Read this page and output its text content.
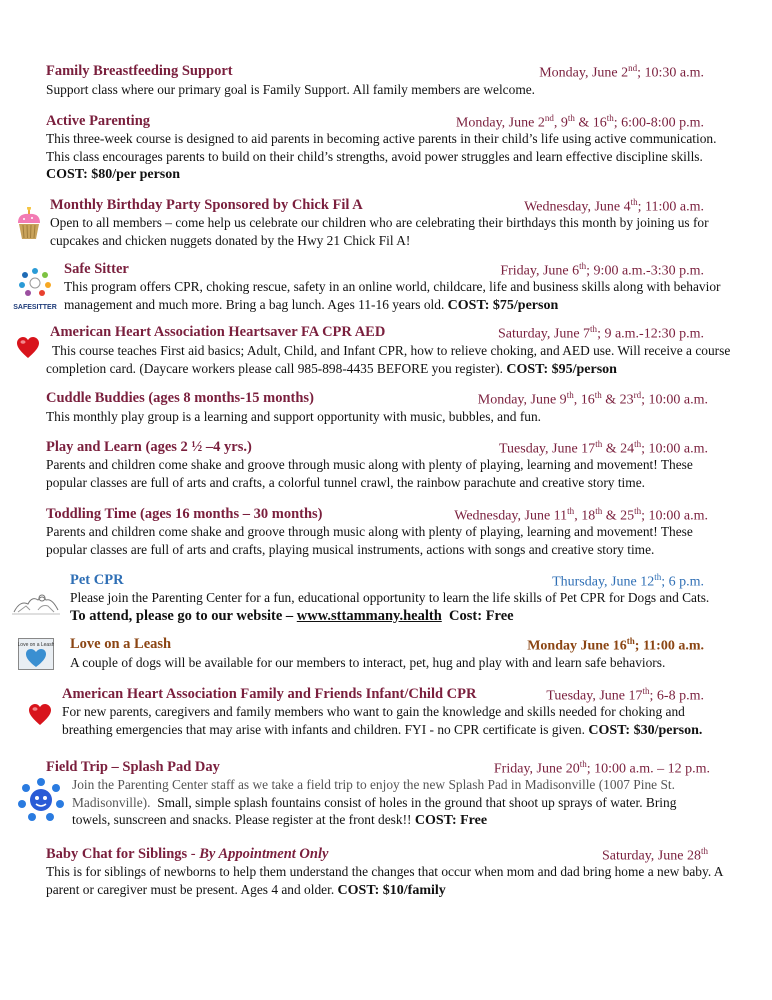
Family Breastfeeding Support	Monday, June 2nd; 10:30 a.m.
Support class where our primary goal is Family Support. All family members are welcome.
Active Parenting	Monday, June 2nd, 9th & 16th; 6:00-8:00 p.m.
This three-week course is designed to aid parents in becoming active parents in their child’s life using active communication.
This class encourages parents to build on their child’s strengths, avoid power struggles and learn effective discipline skills.
COST: $80/per person
Monthly Birthday Party Sponsored by Chick Fil A	Wednesday, June 4th; 11:00 a.m.
Open to all members – come help us celebrate our children who are celebrating their birthdays this month by joining us for cupcakes and chicken nuggets donated by the Hwy 21 Chick Fil A!
SAFESITTER
Safe Sitter	Friday, June 6th; 9:00 a.m.-3:30 p.m.
This program offers CPR, choking rescue, safety in an online world, childcare, life and business skills along with behavior management and much more. Bring a bag lunch. Ages 11-16 years old. COST: $75/person
American Heart Association Heartsaver FA CPR AED	Saturday, June 7th; 9 a.m.-12:30 p.m.
This course teaches First aid basics; Adult, Child, and Infant CPR, how to relieve choking, and AED use. Will receive a course completion card. (Daycare workers please call 985-898-4435 BEFORE you register). COST: $95/person
Cuddle Buddies (ages 8 months-15 months)	Monday, June 9th, 16th & 23rd; 10:00 a.m.
This monthly play group is a learning and support opportunity with music, bubbles, and fun.
Play and Learn (ages 2 ½ –4 yrs.)	Tuesday, June 17th & 24th; 10:00 a.m.
Parents and children come shake and groove through music along with plenty of playing, learning and movement! These popular classes are full of arts and crafts, a colorful tunnel crawl, the rainbow parachute and creative story time.
Toddling Time (ages 16 months – 30 months)	Wednesday, June 11th, 18th & 25th; 10:00 a.m.
Parents and children come shake and groove through music along with plenty of playing, learning and movement! These popular classes are full of arts and crafts, playing musical instruments, actions with songs and creative story time.
Pet CPR	Thursday, June 12th; 6 p.m.
Please join the Parenting Center for a fun, educational opportunity to learn the life skills of Pet CPR for Dogs and Cats.
To attend, please go to our website – www.sttammany.health Cost: Free
Love on a Leash Love on a Leash	Monday June 16th; 11:00 a.m.
A couple of dogs will be available for our members to interact, pet, hug and play with and learn safe behaviors.
American Heart Association Family and Friends Infant/Child CPR	Tuesday, June 17th; 6-8 p.m.
For new parents, caregivers and family members who want to gain the knowledge and skills needed for choking and breathing emergencies that may arise with infants and children. FYI - no CPR certificate is given. COST: $30/person.
Field Trip – Splash Pad Day	Friday, June 20th; 10:00 a.m. – 12 p.m.
Join the Parenting Center staff as we take a field trip to enjoy the new Splash Pad in Madisonville (1007 Pine St. Madisonville). Small, simple splash fountains consist of holes in the ground that shoot up sprays of water. Bring towels, sunscreen and snacks. Please register at the front desk!! COST: Free
Baby Chat for Siblings - By Appointment Only	Saturday, June 28th
This is for siblings of newborns to help them understand the changes that occur when mom and dad bring home a new baby. A parent or caregiver must be present. Ages 4 and older. COST: $10/family
